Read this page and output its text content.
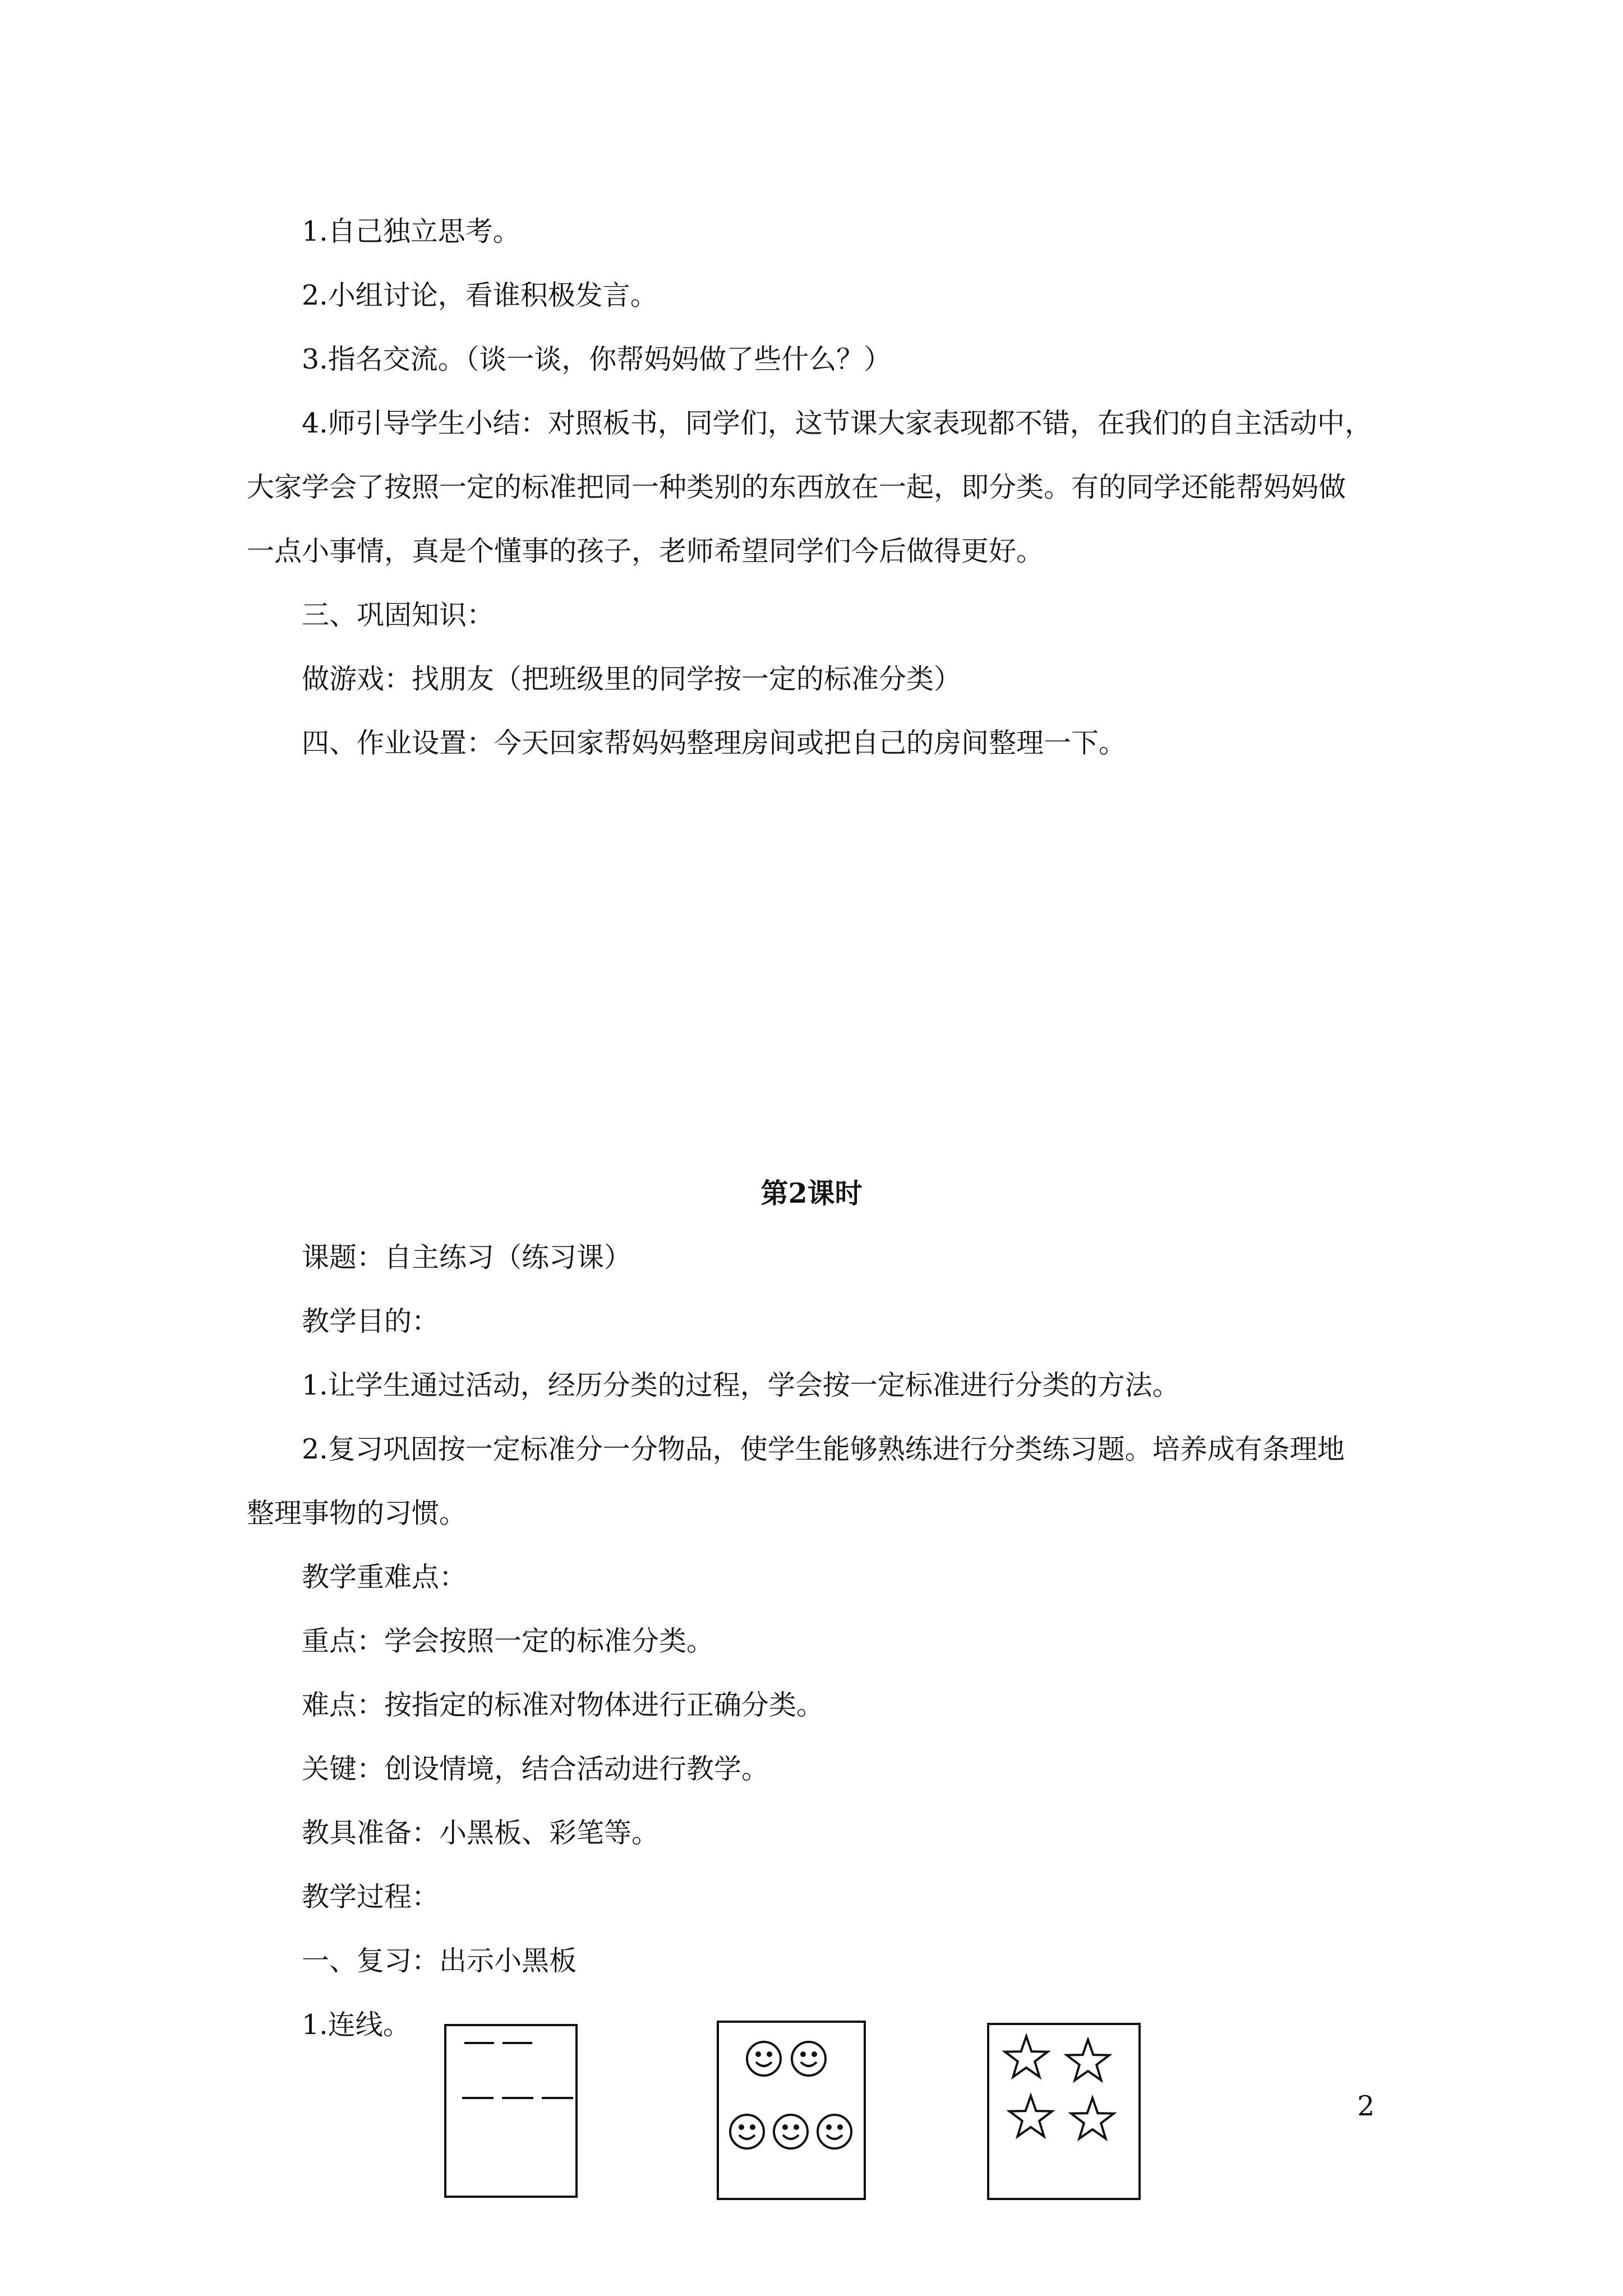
1.自己独立思考。
2.小组讨论，看谁积极发言。
3.指名交流。（谈一谈，你帮妈妈做了些什么？）
4.师引导学生小结：对照板书，同学们，这节课大家表现都不错，在我们的自主活动中，
大家学会了按照一定的标准把同一种类别的东西放在一起，即分类。有的同学还能帮妈妈做
一点小事情，真是个懂事的孩子，老师希望同学们今后做得更好。
三、巩固知识：
做游戏：找朋友（把班级里的同学按一定的标准分类）
四、作业设置：今天回家帮妈妈整理房间或把自己的房间整理一下。
第2课时
课题：自主练习（练习课）
教学目的：
1.让学生通过活动，经历分类的过程，学会按一定标准进行分类的方法。
2.复习巩固按一定标准分一分物品，使学生能够熟练进行分类练习题。培养成有条理地
整理事物的习惯。
教学重难点：
重点：学会按照一定的标准分类。
难点：按指定的标准对物体进行正确分类。
关键：创设情境，结合活动进行教学。
教具准备：小黑板、彩笔等。
教学过程：
一、复习：出示小黑板
1.连线。
2
